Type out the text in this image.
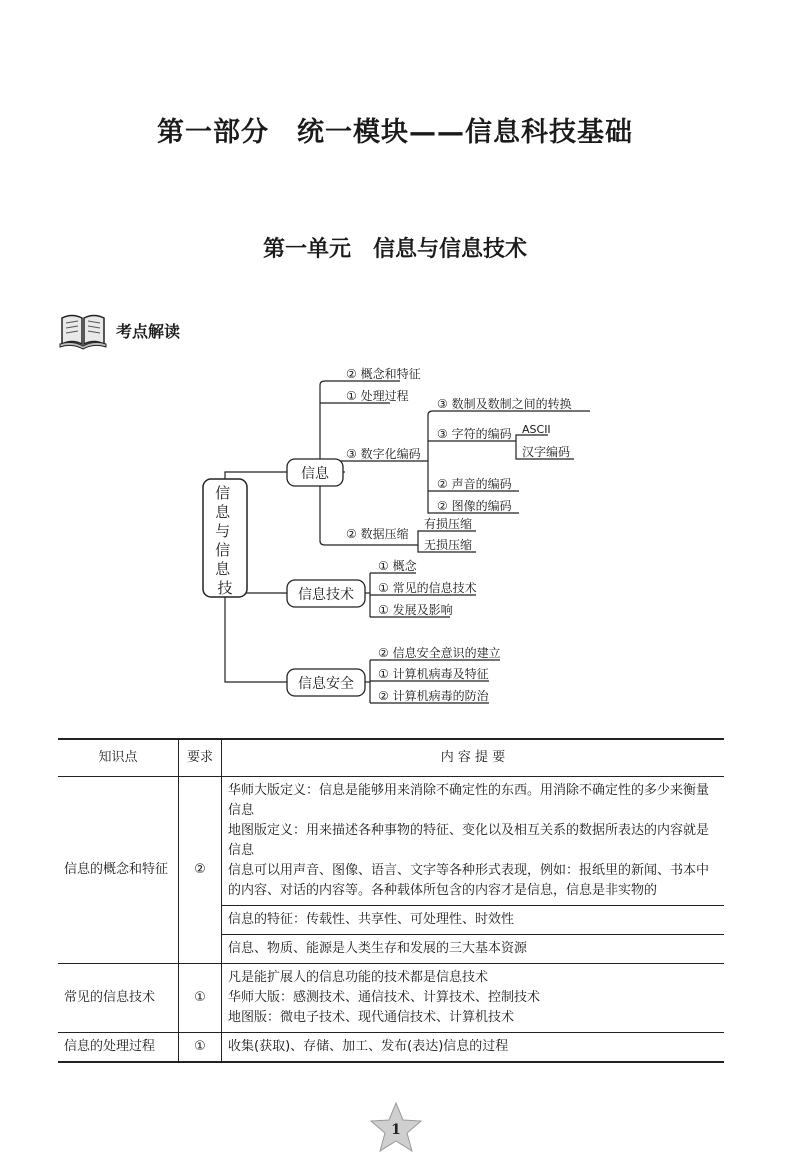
第一部分　统一模块——信息科技基础
第一单元　信息与信息技术
考点解读
信 息 与 信 息 技
信息
信息技术
信息安全
② 概念和特征
① 处理过程
③ 数字化编码
② 数据压缩
③ 数制及数制之间的转换
③ 字符的编码 ASCII
汉字编码
② 声音的编码
② 图像的编码
有损压缩
无损压缩
① 概念
① 常见的信息技术
① 发展及影响
② 信息安全意识的建立
① 计算机病毒及特征
② 计算机病毒的防治
知识点	要求	内 容 提 要
信息的概念和特征	②	华师大版定义：信息是能够用来消除不确定性的东西。用消除不确定性的多少来衡量信息
地图版定义：用来描述各种事物的特征、变化以及相互关系的数据所表达的内容就是信息
信息可以用声音、图像、语言、文字等各种形式表现，例如：报纸里的新闻、书本中的内容、对话的内容等。各种载体所包含的内容才是信息，信息是非实物的
		信息的特征：传载性、共享性、可处理性、时效性
		信息、物质、能源是人类生存和发展的三大基本资源
常见的信息技术	①	凡是能扩展人的信息功能的技术都是信息技术
华师大版：感测技术、通信技术、计算技术、控制技术
地图版：微电子技术、现代通信技术、计算机技术
信息的处理过程	①	收集(获取)、存储、加工、发布(表达)信息的过程
1
